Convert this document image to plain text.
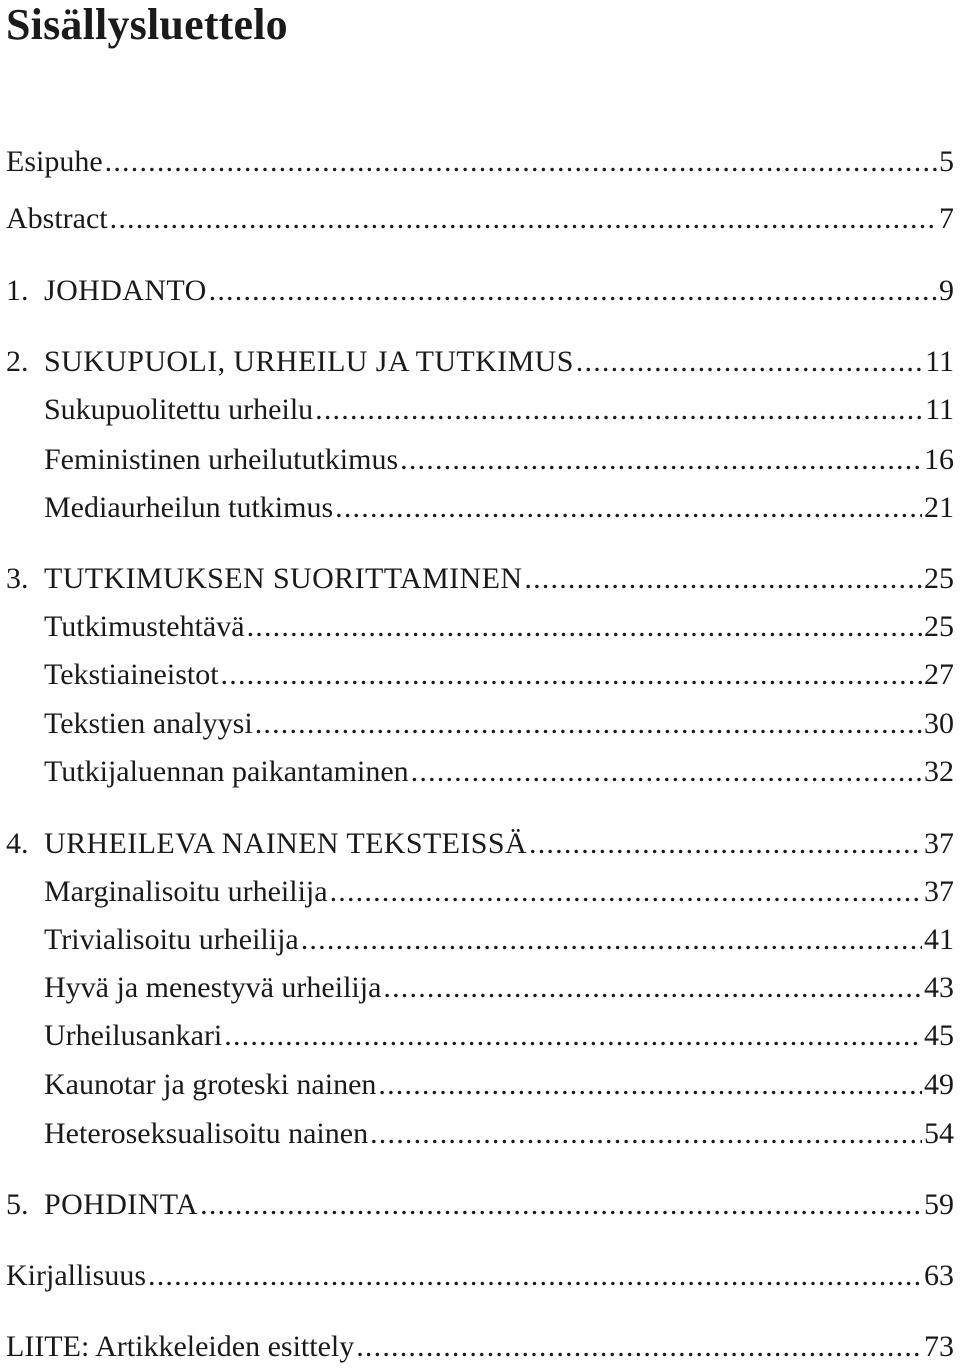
Sisällysluettelo
Esipuhe .....	5
Abstract .....	7
1. JOHDANTO .....	9
2. SUKUPUOLI, URHEILU JA TUTKIMUS .....	11
Sukupuolitettu urheilu .....	11
Feministinen urheilututkimus .....	16
Mediaurheilun tutkimus .....	21
3. TUTKIMUKSEN SUORITTAMINEN .....	25
Tutkimustehtävä .....	25
Tekstiaineistot .....	27
Tekstien analyysi .....	30
Tutkijaluennan paikantaminen .....	32
4. URHEILEVA NAINEN TEKSTEISSÄ .....	37
Marginalisoitu urheilija .....	37
Trivialisoitu urheilija .....	41
Hyvä ja menestyvä urheilija .....	43
Urheilusankari .....	45
Kaunotar ja groteski nainen .....	49
Heteroseksualisoitu nainen .....	54
5. POHDINTA .....	59
Kirjallisuus .....	63
LIITE: Artikkeleiden esittely .....	73
